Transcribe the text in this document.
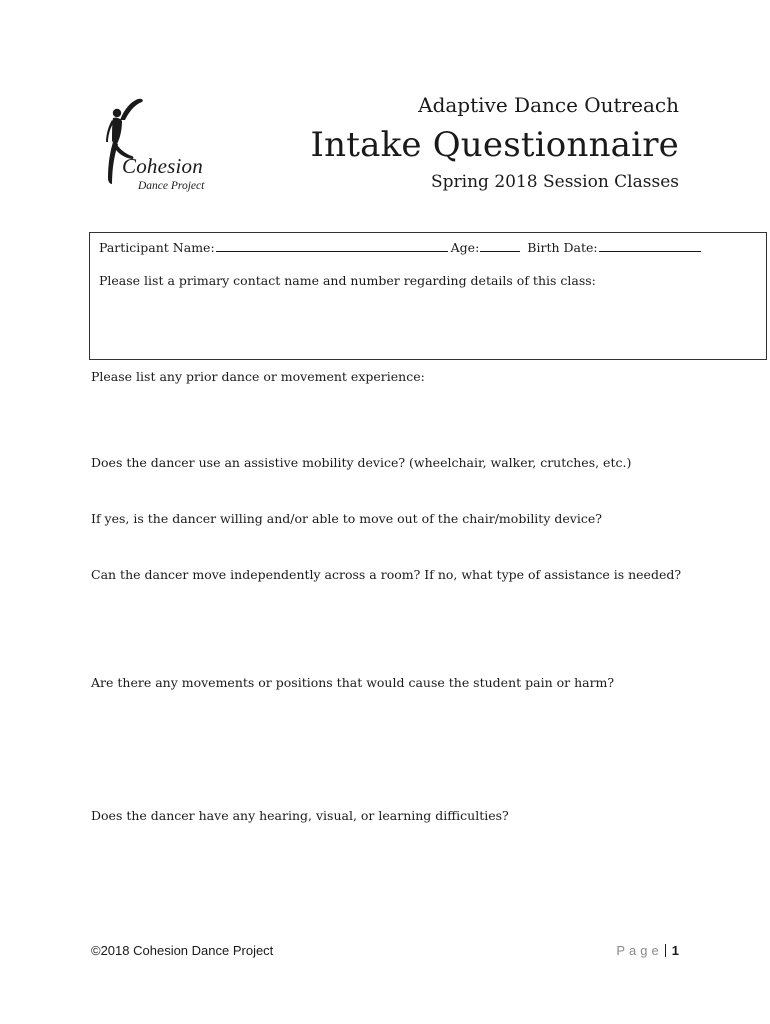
Cohesion
Dance Project
Adaptive Dance Outreach
Intake Questionnaire
Spring 2018 Session Classes
Participant Name:	Age:	Birth Date:
Please list a primary contact name and number regarding details of this class:
Please list any prior dance or movement experience:
Does the dancer use an assistive mobility device? (wheelchair, walker, crutches, etc.)
If yes, is the dancer willing and/or able to move out of the chair/mobility device?
Can the dancer move independently across a room? If no, what type of assistance is needed?
Are there any movements or positions that would cause the student pain or harm?
Does the dancer have any hearing, visual, or learning difficulties?
©2018 Cohesion Dance Project	Page 1
